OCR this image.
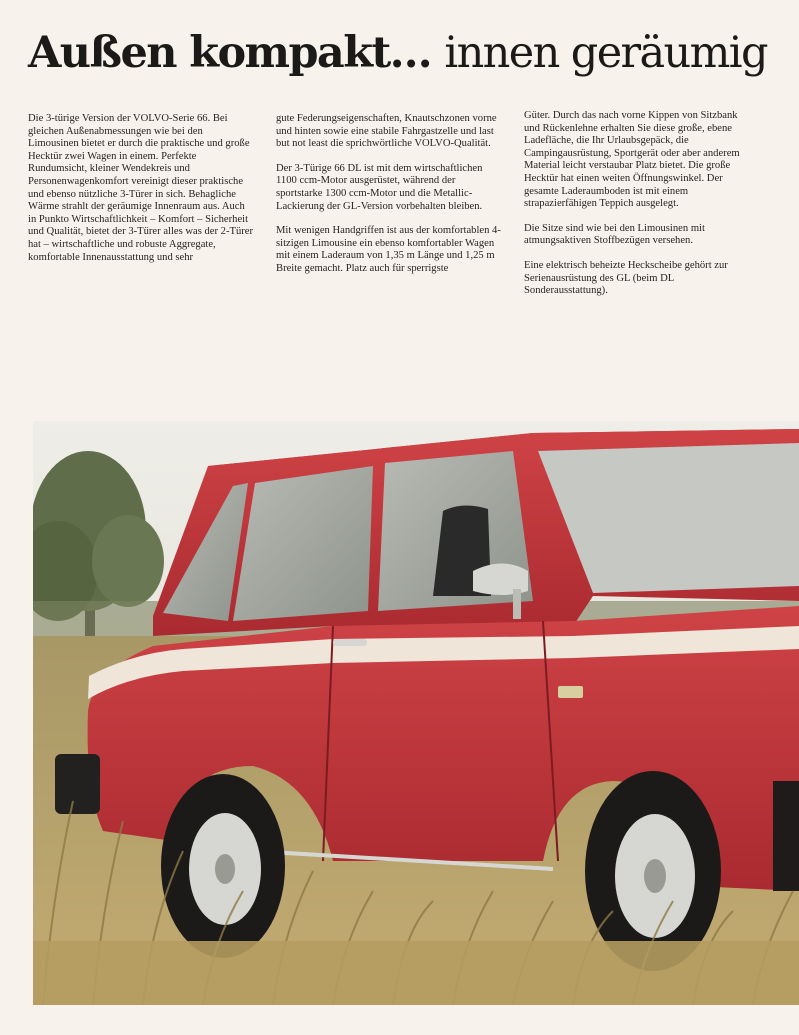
Außen kompakt… innen geräumig

Die 3-türige Version der VOLVO-Serie 66. Bei gleichen Außenabmessungen wie bei den Limousinen bietet er durch die praktische und große Hecktür zwei Wagen in einem. Perfekte Rundumsicht, kleiner Wendekreis und Personenwagenkomfort vereinigt dieser praktische und ebenso nützliche 3-Türer in sich. Behagliche Wärme strahlt der geräumige Innenraum aus. Auch in Punkto Wirtschaftlichkeit – Komfort – Sicherheit und Qualität, bietet der 3-Türer alles was der 2-Türer hat – wirtschaftliche und robuste Aggregate, komfortable Innenausstattung und sehr

gute Federungseigenschaften, Knautschzonen vorne und hinten sowie eine stabile Fahrgastzelle und last but not least die sprichwörtliche VOLVO-Qualität.

Der 3-Türige 66 DL ist mit dem wirtschaftlichen 1100 ccm-Motor ausgerüstet, während der sportstarke 1300 ccm-Motor und die Metallic-Lackierung der GL-Version vorbehalten bleiben.

Mit wenigen Handgriffen ist aus der komfortablen 4-sitzigen Limousine ein ebenso komfortabler Wagen mit einem Laderaum von 1,35 m Länge und 1,25 m Breite gemacht. Platz auch für sperrigste

Güter. Durch das nach vorne Kippen von Sitzbank und Rückenlehne erhalten Sie diese große, ebene Ladefläche, die Ihr Urlaubsgepäck, die Campingausrüstung, Sportgerät oder aber anderem Material leicht verstaubar Platz bietet. Die große Hecktür hat einen weiten Öffnungswinkel. Der gesamte Laderaumboden ist mit einem strapazierfähigen Teppich ausgelegt.

Die Sitze sind wie bei den Limousinen mit atmungsaktiven Stoffbezügen versehen.

Eine elektrisch beheizte Heckscheibe gehört zur Serienausrüstung des GL (beim DL Sonderausstattung).
